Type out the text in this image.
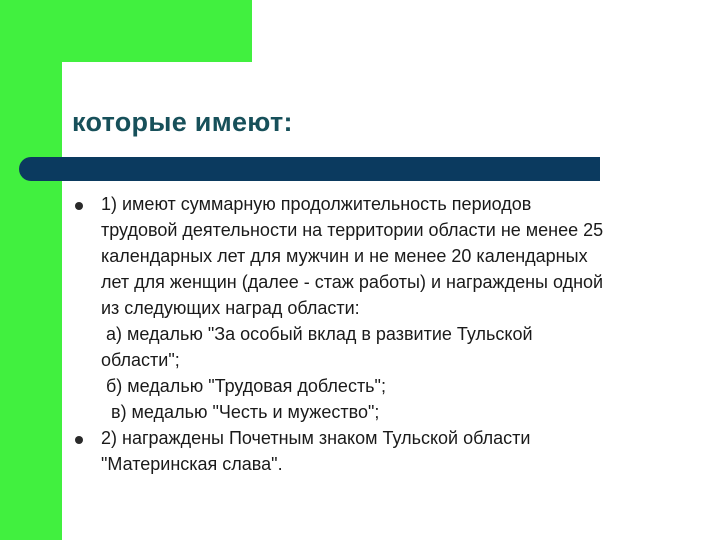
которые имеют:
1) имеют суммарную продолжительность периодов
трудовой деятельности на территории области не менее 25
календарных лет для мужчин и не менее 20 календарных
лет для женщин (далее - стаж работы) и награждены одной
из следующих наград области:
а) медалью "За особый вклад в развитие Тульской
области";
б) медалью "Трудовая доблесть";
в) медалью "Честь и мужество";
2) награждены Почетным знаком Тульской области
"Материнская слава".
